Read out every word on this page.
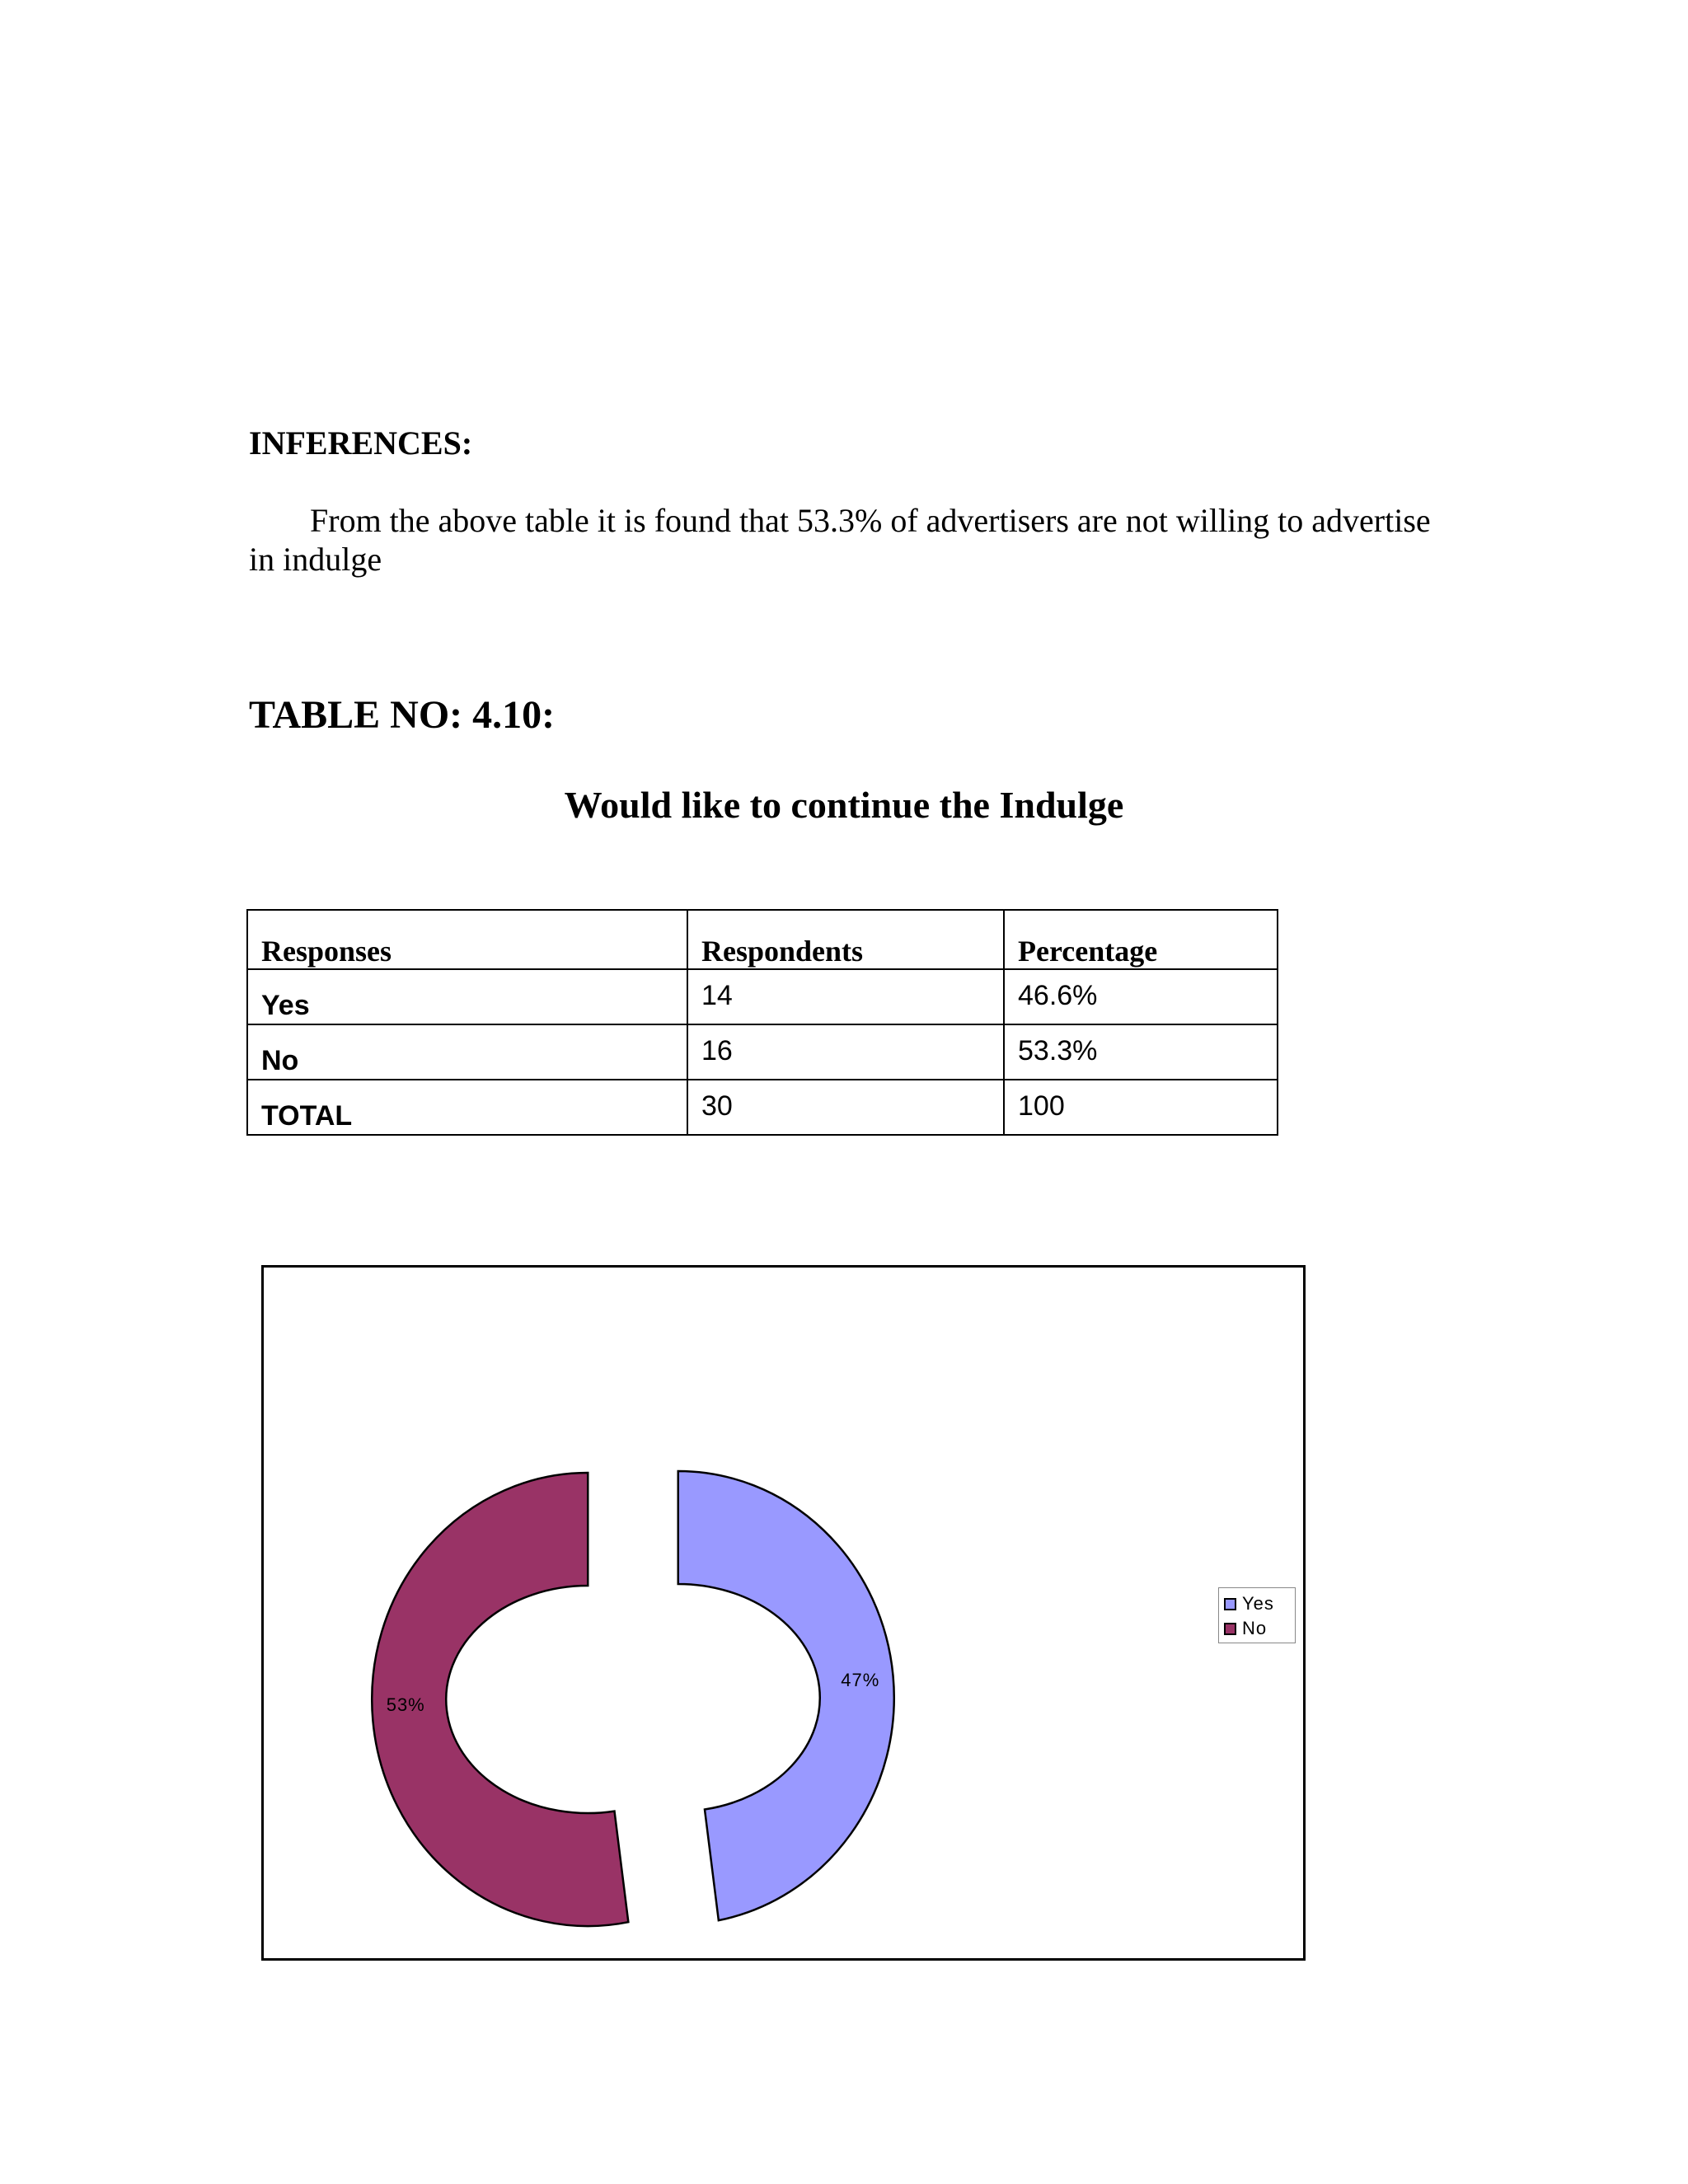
INFERENCES:

From the above table it is found that 53.3% of advertisers are not willing to advertise in indulge

TABLE NO: 4.10:
Would like to continue the Indulge
Responses	Respondents	Percentage
Yes	14	46.6%
No	16	53.3%
TOTAL	30	100
47%
53%
Yes
No
